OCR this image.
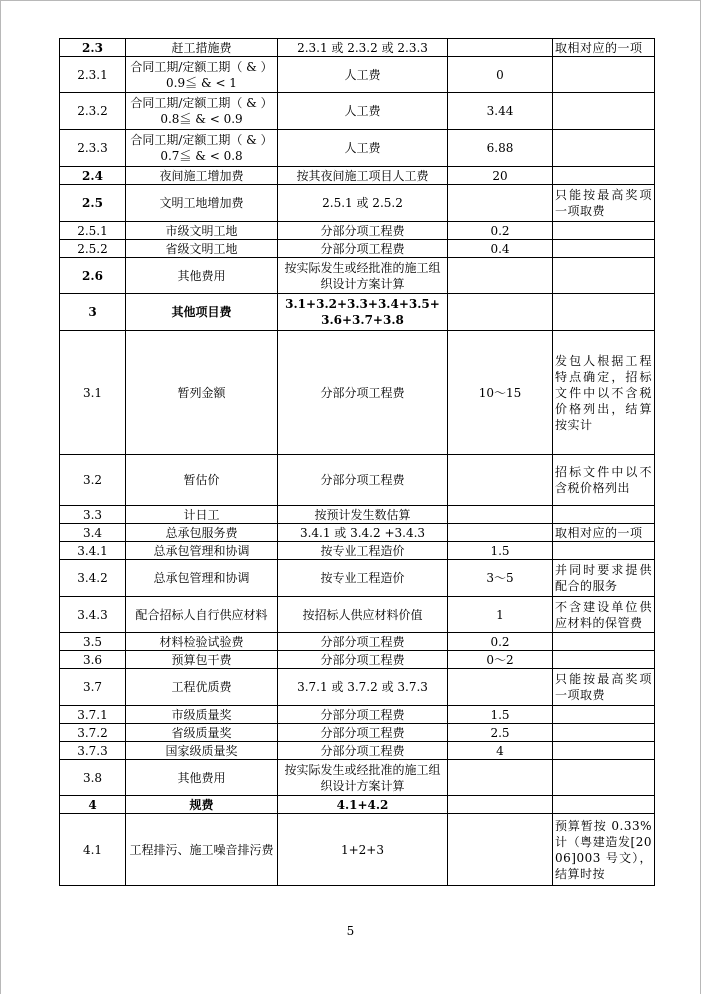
2.3	赶工措施费	2.3.1 或 2.3.2 或 2.3.3		取相对应的一项
2.3.1	合同工期/定额工期（ & ）0.9≦ & < 1	人工费	0	
2.3.2	合同工期/定额工期（ & ）0.8≦ & < 0.9	人工费	3.44	
2.3.3	合同工期/定额工期（ & ）0.7≦ & < 0.8	人工费	6.88	
2.4	夜间施工增加费	按其夜间施工项目人工费	20	
2.5	文明工地增加费	2.5.1 或 2.5.2		只能按最高奖项一项取费
2.5.1	市级文明工地	分部分项工程费	0.2	
2.5.2	省级文明工地	分部分项工程费	0.4	
2.6	其他费用	按实际发生或经批准的施工组织设计方案计算		
3	其他项目费	3.1+3.2+3.3+3.4+3.5+3.6+3.7+3.8		
3.1	暂列金额	分部分项工程费	10～15	发包人根据工程特点确定，招标文件中以不含税价格列出，结算按实计
3.2	暂估价	分部分项工程费		招标文件中以不含税价格列出
3.3	计日工	按预计发生数估算		
3.4	总承包服务费	3.4.1 或 3.4.2 +3.4.3		取相对应的一项
3.4.1	总承包管理和协调	按专业工程造价	1.5	
3.4.2	总承包管理和协调	按专业工程造价	3～5	并同时要求提供配合的服务
3.4.3	配合招标人自行供应材料	按招标人供应材料价值	1	不含建设单位供应材料的保管费
3.5	材料检验试验费	分部分项工程费	0.2	
3.6	预算包干费	分部分项工程费	0～2	
3.7	工程优质费	3.7.1 或 3.7.2 或 3.7.3		只能按最高奖项一项取费
3.7.1	市级质量奖	分部分项工程费	1.5	
3.7.2	省级质量奖	分部分项工程费	2.5	
3.7.3	国家级质量奖	分部分项工程费	4	
3.8	其他费用	按实际发生或经批准的施工组织设计方案计算		
4	规费	4.1+4.2		
4.1	工程排污、施工噪音排污费	1+2+3		预算暂按 0.33% 计（粤建造发[2006]003 号文），结算时按
5
